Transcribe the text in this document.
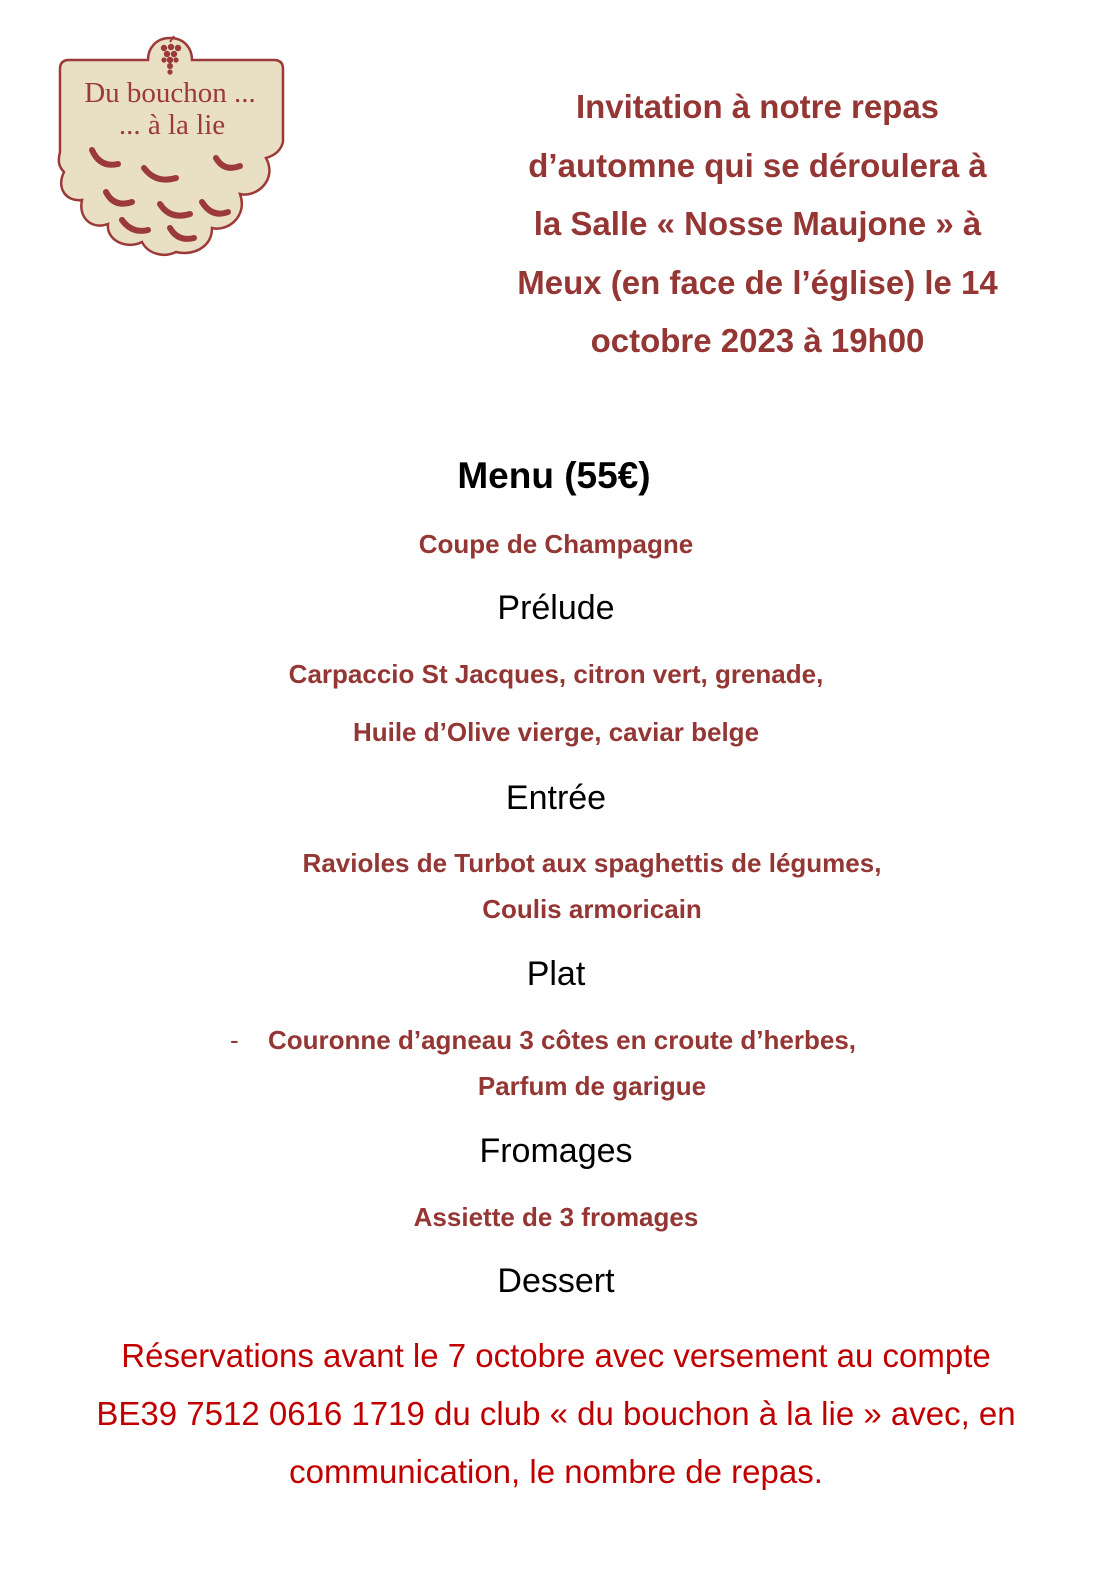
Du bouchon ...
... à la lie	Invitation à notre repas
d’automne qui se déroulera à
la Salle « Nosse Maujone » à
Meux (en face de l’église) le 14
octobre 2023 à 19h00
Menu (55€)
Coupe de Champagne
Prélude
Carpaccio St Jacques, citron vert, grenade,
Huile d’Olive vierge, caviar belge
Entrée
Ravioles de Turbot aux spaghettis de légumes,
Coulis armoricain
Plat
- Couronne d’agneau 3 côtes en croute d’herbes,
Parfum de garigue
Fromages
Assiette de 3 fromages
Dessert
Réservations avant le 7 octobre avec versement au compte
BE39 7512 0616 1719 du club « du bouchon à la lie » avec, en
communication, le nombre de repas.
